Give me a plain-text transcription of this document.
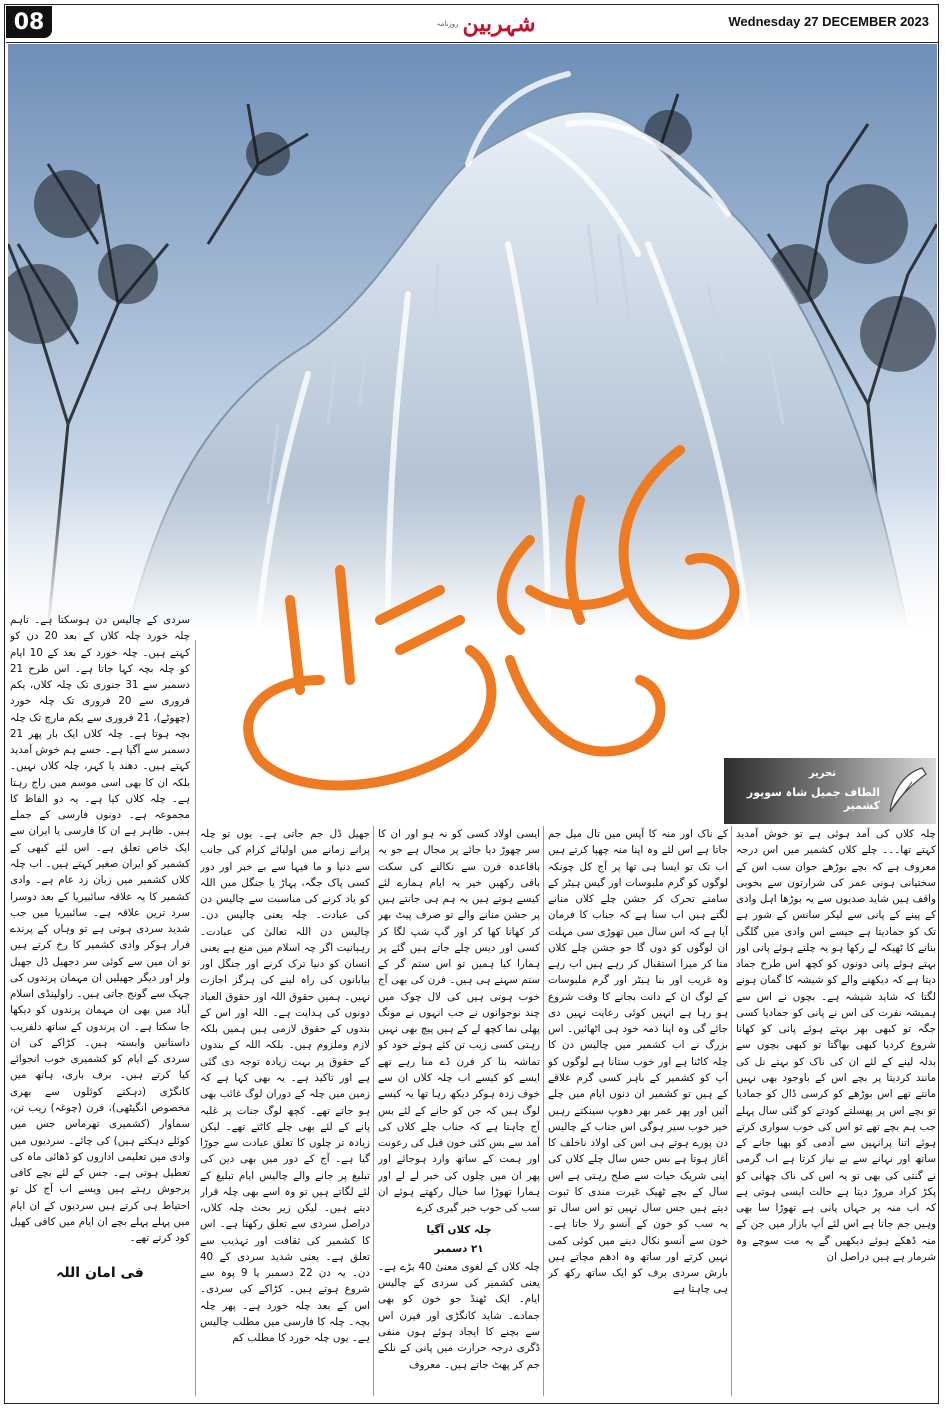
08	روزنامہ شہربین	Wednesday 27 DECEMBER 2023
تحریر
الطاف جمیل شاہ سوپور کشمیر

چلہ کلاں کی آمد ہوئی ہے تو خوش آمدید کہتے تھا۔۔۔ چلے کلاں کشمیر میں اس درجہ معروف ہے کہ بچے بوڑھے جوان سب اس کے سختیانی ہونی عمر کی شرارتوں سے بخوبی واقف ہیں شاید صدیوں سے یہ بوڑھا اہل وادی کے پینے کے پانی سے لیکر سانس کے شور ہے تک کو جمادیتا ہے جیسے اس وادی میں گلگی بنانے کا ٹھیکہ لے رکھا ہو یہ چلتے ہوئے پانی اور بہتے ہوئے پانی دونوں کو کچھ اس طرح جماد دیتا ہے کہ دیکھنے والے کو شیشہ کا گمان ہونے لگتا کہ شاید شیشہ ہے۔ بچوں نے اس سے ہمیشہ نفرت کی اس نے پانی کو جمادیا کسی جگہ تو کبھی بھر بہتے ہوئے پانی کو کھانا شروع کردیا کبھی بھاگتا تو کبھی بچوں سے بدلہ لینے کے لئے ان کی ناک کو بہتے نل کی مانند کردیتا پر بچے اس کے باوجود بھی نہیں مانتے تھے اس بوڑھے کو کرسی ڈال کو جمادیا تو بچے اس پر پھسلتے کودتے کو گئی سال پہلے جب ہم بچے تھے تو اس کی خوب سواری کرتے ہوئے اتنا پرانہیں سے آدمی کو بھیا جانے کے ساتھ اور نہانے سے بے نیاز کرتا ہے اب گرمی نے گنتی کی بھی تو یہ اس کی ناک چھانی کو پکڑ کراد مروڑ دیتا ہے حالت ایسی ہوتی ہے کہ اب منہ پر جہاں پانی ہے تھوڑا سا بھی وہیں جم جاتا ہے اس لئے آپ بازار میں جن کے منہ ڈھکے ہوئے دیکھیں گے یہ مت سوچے وہ شرمار ہے ہیں دراصل ان

کے ناک اور منہ کا آپس میں تال میل جم جاتا ہے اس لئے وہ اپنا منہ چھپا کرتے ہیں اب تک تو ایسا ہی تھا پر آج کل چونکہ لوگوں کو گرم ملبوسات اور گیس ہیٹر کے سامنے تحرک کر جشن چلے کلاں منانے لگتے ہیں اب سنا ہے کہ جناب کا فرمان آیا ہے کہ اس سال میں تھوڑی سی مہلت ان لوگوں کو دوں گا جو جشن چلے کلاں منا کر میرا استقبال کر رہے ہیں اب رہے وہ غریب اور بنا ہیٹر اور گرم ملبوسات کے لوگ ان کے دانت بجانے کا وقت شروع ہو رہا ہے انہیں کوئی رعایت نہیں دی جائے گی وہ اپنا ذمہ خود ہی اٹھائیں۔ اس بزرگ نے اب کشمیر میں چالیس دن کا چلہ کاٹنا ہے اور خوب ستانا ہے لوگوں کو آپ کو کشمیر کے باہر کسی گرم علاقے کے ہیں تو کشمیر ان دنوں ایام میں چلے آئیں اور پھر عمر بھر دھوپ سینکتے رہیں خیر خوب سیر ہوگی اس جناب کے چالیس دن پورے ہوتے ہی اس کی اولاد ناخلف کا آغاز ہوتا ہے بس جس سال چلے کلاں کی اپنی شریک حیات سے صلح رہتی ہے اس سال کے بچے ٹھیک غیرت مندی کا ثبوت دیتے ہیں جس سال نہیں تو اس سال تو یہ سب کو خون کے آنسو رلا جاتا ہے۔ خون سے آنسو نکال دینے میں کوئی کمی نہیں کرتے اور ساتھ وہ ادھم مچاتے ہیں بارش سردی برف کو ایک ساتھ رکھ کر ہی چاہتا ہے

ایسی اولاد کسی کو نہ ہو اور ان کا سر چھوڑ دیا جائے پر مجال ہے جو یہ باقاعدہ فرن سے نکالنے کی سکت باقی رکھیں خیر یہ ایام ہمارے لئے کیسے ہوتے ہیں یہ ہم ہی جانتے ہیں پر جشن منانے والے تو صرف پیٹ بھر کر کھانا کھا کر اور گپ شپ لگا کر کسی اور دیس چلے جاتے ہیں گئے پر ہمارا کیا ہمیں تو اس ستم گر کے ستم سہنے ہی ہیں۔ فرن کی بھی آج خوب ہوتی ہیں کی لال چوک میں چند نوجوانوں نے جب انہوں نے مونگ پھلی نما کچھ لے کے ہیں پیچ بھی نہیں رہتی کسی زیب تن کئے ہوئے خود کو تماشہ بنا کر فرن ڈے منا رہے تھے ایسے کو کیسے اب چلہ کلاں ان سے خوف زدہ ہوکر دیکھ رہا تھا یہ کیسے لوگ ہیں کہ جن کو جانے کے لئے بس آج چاہتا ہے کہ جناب چلے کلاں کی آمد سے بس کئی خون قبل کی رعونت اور ہمت کے ساتھ وارد ہوجائے اور پھر ان میں چلوں کی خبر لے لے اور ہمارا تھوڑا سا خیال رکھتے ہوئے ان سب کی خوب خبر گیری کرے

چلہ کلاں آگیا
۲۱ دسمبر

چلہ کلاں کے لغوی معنیٰ 40 بڑے ہے۔ یعنی کشمیر کی سردی کے چالیس ایام۔ ایک ٹھنڈ جو خون کو بھی جمادے۔ شاید کانگڑی اور فیرن اس سے بچنے کا ایجاد ہوئے ہوں منفی ڈگری درجہ حرارت میں پانی کے نلکے جم کر پھٹ جاتے ہیں۔ معروف

جھیل ڈل جم جاتی ہے۔ یوں تو چلہ پرانے زمانے میں اولیائے کرام کی جانب سے دنیا و ما فیہا سے بے خبر اور دور کسی پاک جگہ، پہاڑ یا جنگل میں اللہ کو یاد کرنے کی مناسبت سے چالیس دن کی عبادت۔ چلہ یعنی چالیس دن۔ چالیس دن اللہ تعالیٰ کی عبادت۔ رہبانیت اگر چہ اسلام میں منع ہے یعنی انسان کو دنیا ترک کرنے اور جنگل اور بیابانوں کی راہ لینے کی ہرگز اجازت نہیں۔ ہمیں حقوق اللہ اور حقوق العباد دونوں کی ہدایت ہے۔ اللہ اور اس کے بندوں کے حقوق لازمی ہیں ہمیں بلکہ لازم وملزوم ہیں۔ بلکہ اللہ کے بندوں کے حقوق پر بہت زیادہ توجہ دی گئی ہے اور تاکید ہے۔ یہ بھی کہا ہے کہ زمین میں چلہ کے دوران لوگ غائب بھی ہو جاتے تھے۔ کچھ لوگ جنات پر غلبہ پانے کے لئے بھی چلے کاٹتے تھے۔ لیکن زیادہ تر چلوں کا تعلق عبادت سے جوڑا گیا ہے۔ آج کے دور میں بھی دین کی تبلیغ پر جانے والے چالیس ایام تبلیغ کے لئے لگاتے ہیں تو وہ اسے بھی چلہ قرار دیتے ہیں۔ لیکن زیر بحث چلہ کلاں، دراصل سردی سے تعلق رکھتا ہے۔ اس کا کشمیر کی ثقافت اور تہذیب سے تعلق ہے۔ یعنی شدید سردی کے 40 دن۔ یہ دن 22 دسمبر یا 9 پوہ سے شروع ہوتے ہیں۔ کڑاکے کی سردی۔ اس کے بعد چلہ خورد ہے۔ پھر چلہ بچہ۔ چلہ کا فارسی میں مطلب چالیس ہے۔ یوں چلہ خورد کا مطلب کم

سردی کے چالیس دن ہوسکتا ہے۔ تاہم چلہ خورد چلہ کلاں کے بعد 20 دن کو کہتے ہیں۔ چلہ خورد کے بعد کے 10 ایام کو چلہ بچہ کہا جاتا ہے۔ اس طرح 21 دسمبر سے 31 جنوری تک چلہ کلاں، یکم فروری سے 20 فروری تک چلہ خورد (چھوٹے)، 21 فروری سے یکم مارچ تک چلہ بچہ ہوتا ہے۔ چلہ کلاں ایک بار پھر 21 دسمبر سے آگیا ہے۔ جسے ہم خوش آمدید کہتے ہیں۔ دھند یا کہر، چلہ کلاں نہیں۔ بلکہ ان کا بھی اسی موسم میں راج رہتا ہے۔ چلہ کلاں کیا ہے۔ یہ دو الفاظ کا مجموعہ ہے۔ دونوں فارسی کے جملے ہیں۔ ظاہر ہے ان کا فارسی یا ایران سے ایک خاص تعلق ہے۔ اس لئے کبھی کے کشمیر کو ایران صغیر کہتے ہیں۔ اب چلہ کلاں کشمیر میں زبان زد عام ہے۔ وادی کشمیر کا یہ علاقہ سائبیریا کے بعد دوسرا سرد ترین علاقہ ہے۔ سائبیریا میں جب شدید سردی ہوتی ہے تو وہاں کے پرندے فرار ہوکر وادی کشمیر کا رخ کرتے ہیں تو ان میں سے کوئی سر دجھیل ڈل جھیل ولر اور دیگر جھیلیں ان مہمان پرندوں کی چہک سے گونج جاتی ہیں۔ راولپنڈی اسلام آباد میں بھی ان مہمان پرندوں کو دیکھا جا سکتا ہے۔ ان پرندوں کے ساتھ دلفریب داستانیں وابستہ ہیں۔ کڑاکے کی ان سردی کے ایام کو کشمیری خوب انجوائے کیا کرتے ہیں۔ برف باری، ہاتھ میں کانگڑی (دہکتے کوئلوں سے بھری مخصوص انگیٹھی)، فرن (چوغہ) زیب تن، سماوار (کشمیری تھرماس جس میں کوئلے دہکتے ہیں) کی چائے۔ سردیوں میں وادی میں تعلیمی اداروں کو ڈھائی ماہ کی تعطیل ہوتی ہے۔ جس کے لئے بچے کافی پرجوش رہتے ہیں ویسے اب آج کل تو احتیاط ہی کرتے ہیں سردیوں کے ان ایام میں پہلے پہلے بچے ان ایام میں کافی کھیل کود کرتے تھے۔

فی امان اللہ
